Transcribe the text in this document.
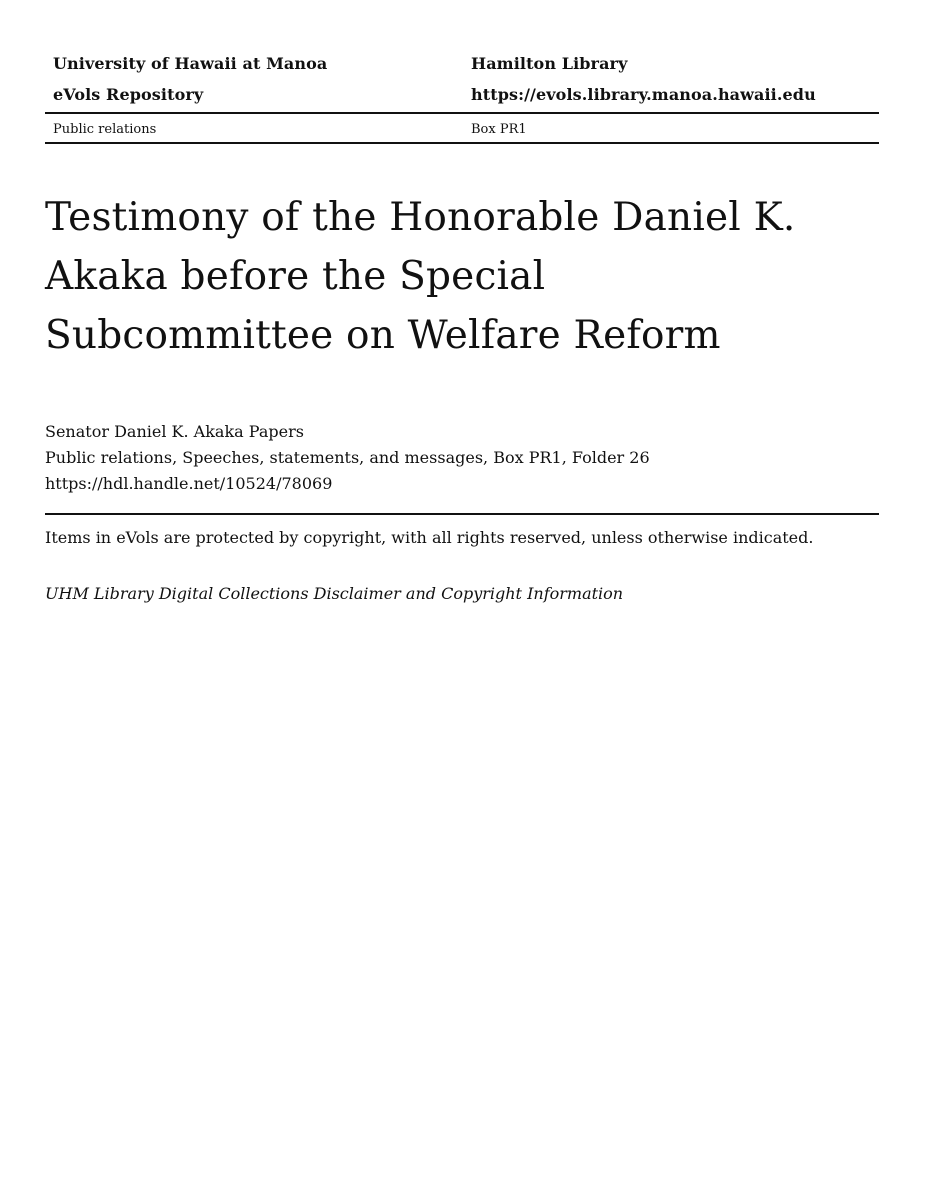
University of Hawaii at Manoa	Hamilton Library
eVols Repository	https://evols.library.manoa.hawaii.edu
Public relations	Box PR1
Testimony of the Honorable Daniel K.
Akaka before the Special
Subcommittee on Welfare Reform
Senator Daniel K. Akaka Papers
Public relations, Speeches, statements, and messages, Box PR1, Folder 26
https://hdl.handle.net/10524/78069
Items in eVols are protected by copyright, with all rights reserved, unless otherwise indicated.
UHM Library Digital Collections Disclaimer and Copyright Information
